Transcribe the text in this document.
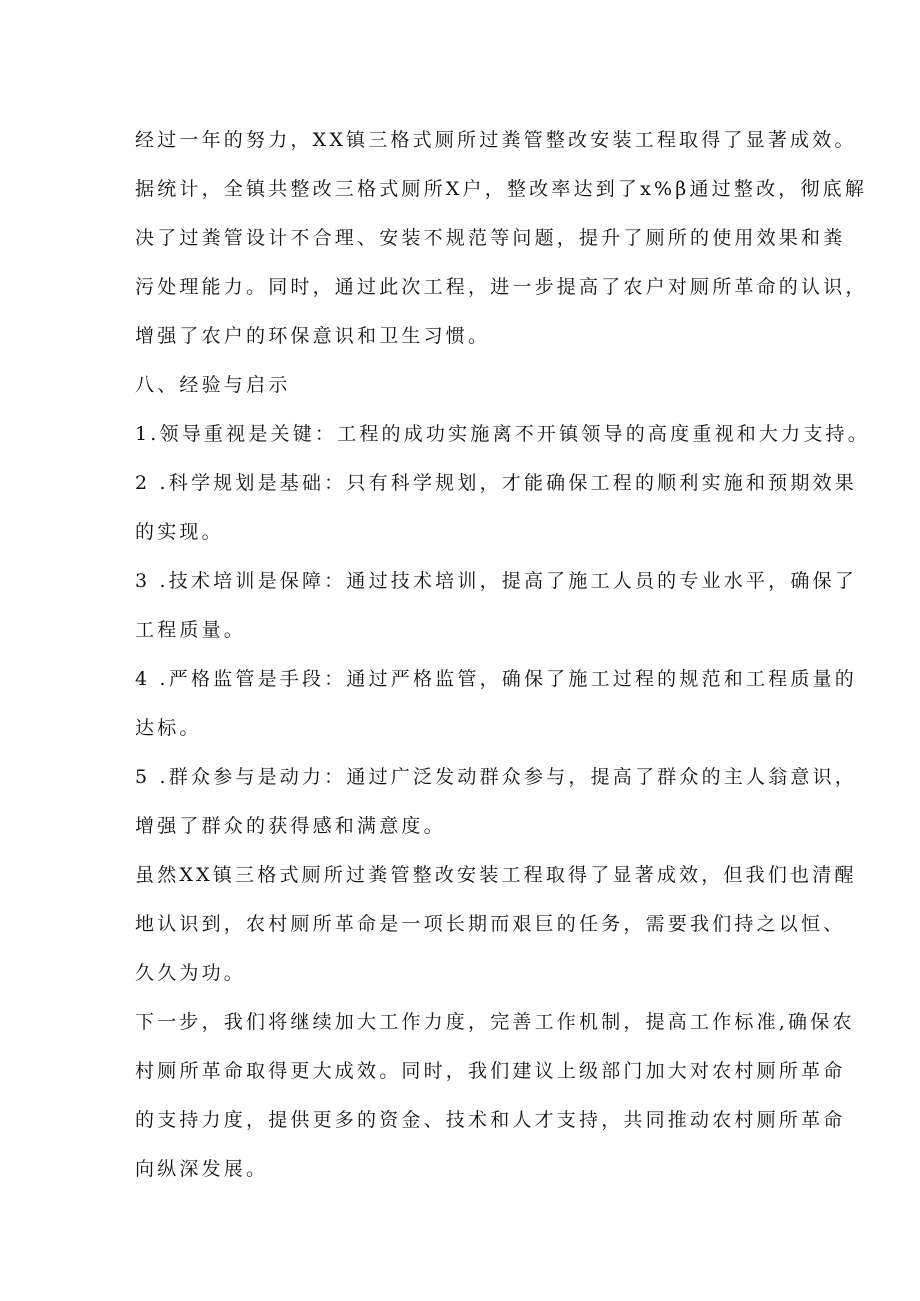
经过一年的努力，XX镇三格式厕所过粪管整改安装工程取得了显著成效。

据统计，全镇共整改三格式厕所X户，整改率达到了x%β通过整改，彻底解

决了过粪管设计不合理、安装不规范等问题，提升了厕所的使用效果和粪

污处理能力。同时，通过此次工程，进一步提高了农户对厕所革命的认识，

增强了农户的环保意识和卫生习惯。

八、经验与启示

1.领导重视是关键：工程的成功实施离不开镇领导的高度重视和大力支持。

2 .科学规划是基础：只有科学规划，才能确保工程的顺利实施和预期效果

的实现。

3 .技术培训是保障：通过技术培训，提高了施工人员的专业水平，确保了

工程质量。

4 .严格监管是手段：通过严格监管，确保了施工过程的规范和工程质量的

达标。

5 .群众参与是动力：通过广泛发动群众参与，提高了群众的主人翁意识，

增强了群众的获得感和满意度。

虽然XX镇三格式厕所过粪管整改安装工程取得了显著成效，但我们也清醒

地认识到，农村厕所革命是一项长期而艰巨的任务，需要我们持之以恒、

久久为功。

下一步，我们将继续加大工作力度，完善工作机制，提高工作标准,确保农

村厕所革命取得更大成效。同时，我们建议上级部门加大对农村厕所革命

的支持力度，提供更多的资金、技术和人才支持，共同推动农村厕所革命

向纵深发展。
